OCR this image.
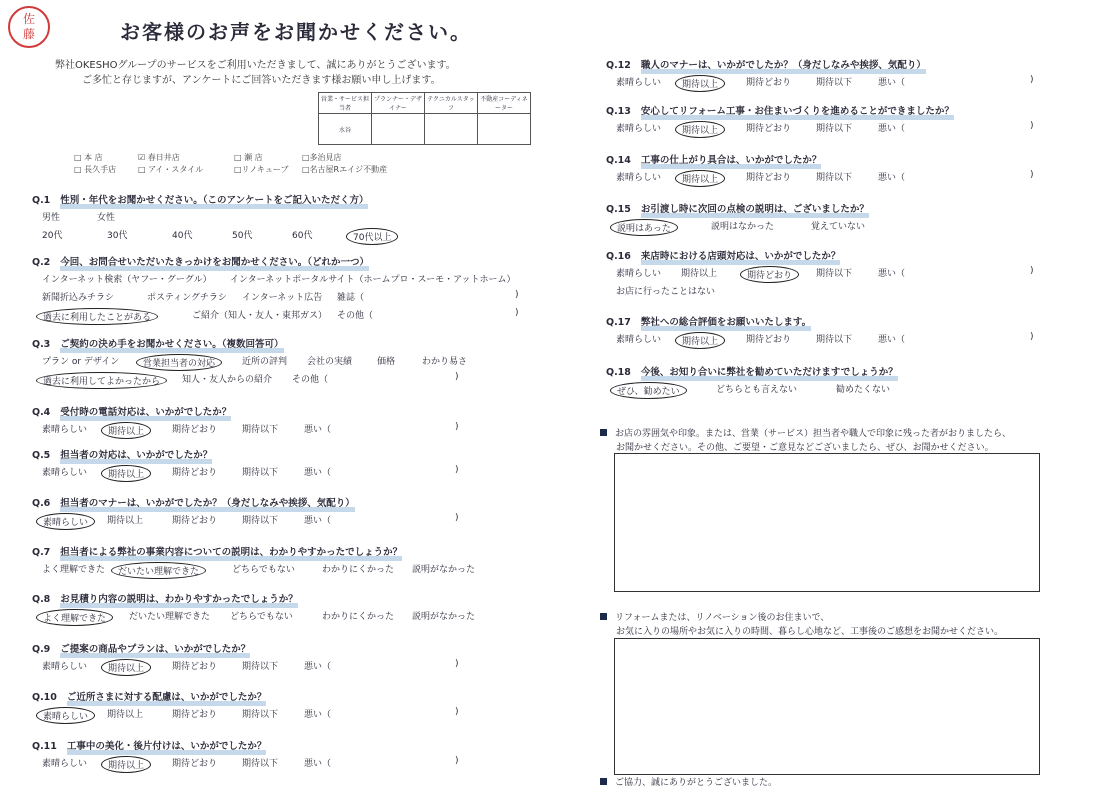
佐
藤	お客様のお声をお聞かせください。
弊社OKESHOグループのサービスをご利用いただきまして、誠にありがとうございます。
ご多忙と存じますが、アンケートにご回答いただきます様お願い申し上げます。
営業・サービス担当者	プランナー・デザイナー	テクニカルスタッフ	不動産コーディネーター
水谷			
□ 本 店	☑ 春日井店	□ 瀬 店	□多治見店
□ 長久手店	□ アイ・スタイル	□リノキューブ □名古屋Rエイジ不動産
Q.1 性別・年代をお聞かせください。（このアンケートをご記入いただく方）
男性	女性
20代	30代	40代	50代	60代	70代以上
Q.2 今回、お問合せいただいたきっかけをお聞かせください。（どれか一つ）
インターネット検索（ヤフー・グーグル） インターネットポータルサイト（ホームプロ・スーモ・アットホーム）
新聞折込みチラシ	ポスティングチラシ インターネット広告 雑誌（	)
過去に利用したことがある	ご紹介（知人・友人・東邦ガス） その他（	)
Q.3 ご契約の決め手をお聞かせください。（複数回答可）
プラン or デザイン	営業担当者の対応	近所の評判 会社の実績	価格	わかり易さ
過去に利用してよかったから	知人・友人からの紹介 その他（	)
Q.4 受付時の電話対応は、いかがでしたか？
素晴らしい	期待以上	期待どおり	期待以下	悪い（	)
Q.5 担当者の対応は、いかがでしたか？
素晴らしい	期待以上	期待どおり	期待以下	悪い（	)
Q.6 担当者のマナーは、いかがでしたか？（身だしなみや挨拶、気配り）
素晴らしい	期待以上	期待どおり	期待以下	悪い（	)
Q.7 担当者による弊社の事業内容についての説明は、わかりやすかったでしょうか？
よく理解できた	だいたい理解できた	どちらでもない	わかりにくかった 説明がなかった
Q.8 お見積り内容の説明は、わかりやすかったでしょうか？
よく理解できた	だいたい理解できた どちらでもない	わかりにくかった 説明がなかった
Q.9 ご提案の商品やプランは、いかがでしたか？
素晴らしい	期待以上	期待どおり	期待以下	悪い（	)
Q.10 ご近所さまに対する配慮は、いかがでしたか？
素晴らしい	期待以上	期待どおり	期待以下	悪い（	)
Q.11 工事中の美化・後片付けは、いかがでしたか？
素晴らしい	期待以上	期待どおり	期待以下	悪い（	)
Q.12 職人のマナーは、いかがでしたか？（身だしなみや挨拶、気配り）
素晴らしい	期待以上	期待どおり	期待以下	悪い（	)
Q.13 安心してリフォーム工事・お住まいづくりを進めることができましたか？
素晴らしい	期待以上	期待どおり	期待以下	悪い（	)
Q.14 工事の仕上がり具合は、いかがでしたか？
素晴らしい	期待以上	期待どおり	期待以下	悪い（	)
Q.15 お引渡し時に次回の点検の説明は、ございましたか？
説明はあった	説明はなかった	覚えていない
Q.16 来店時における店頭対応は、いかがでしたか？
素晴らしい 期待以上	期待どおり	期待以下	悪い（	)
お店に行ったことはない
Q.17 弊社への総合評価をお願いいたします。
素晴らしい	期待以上	期待どおり	期待以下	悪い（	)
Q.18 今後、お知り合いに弊社を勧めていただけますでしょうか？
ぜひ、勧めたい	どちらとも言えない	勧めたくない
お店の雰囲気や印象。または、営業（サービス）担当者や職人で印象に残った者がおりましたら、
お聞かせください。その他、ご要望・ご意見などございましたら、ぜひ、お聞かせください。
リフォームまたは、リノベーション後のお住まいで、
お気に入りの場所やお気に入りの時間、暮らし心地など、工事後のご感想をお聞かせください。
ご協力、誠にありがとうございました。
